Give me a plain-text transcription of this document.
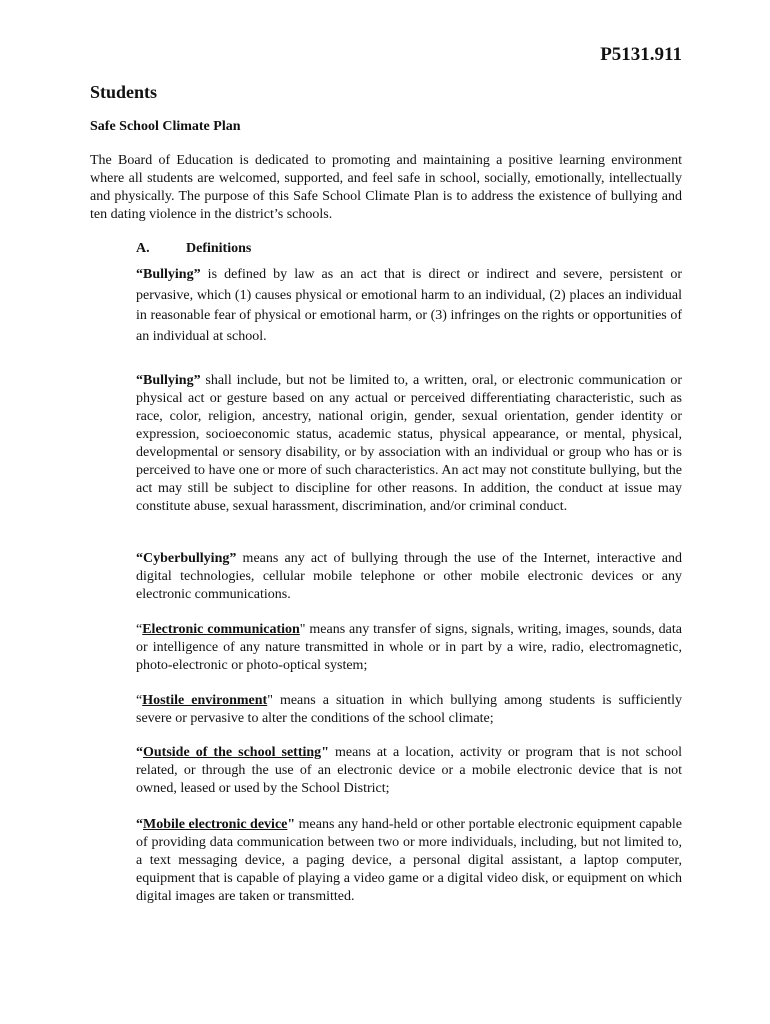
P5131.911
Students
Safe School Climate Plan

The Board of Education is dedicated to promoting and maintaining a positive learning environment where all students are welcomed, supported, and feel safe in school, socially, emotionally, intellectually and physically. The purpose of this Safe School Climate Plan is to address the existence of bullying and ten dating violence in the district’s schools.

A.	Definitions

“Bullying” is defined by law as an act that is direct or indirect and severe, persistent or pervasive, which (1) causes physical or emotional harm to an individual, (2) places an individual in reasonable fear of physical or emotional harm, or (3) infringes on the rights or opportunities of an individual at school.

“Bullying” shall include, but not be limited to, a written, oral, or electronic communication or physical act or gesture based on any actual or perceived differentiating characteristic, such as race, color, religion, ancestry, national origin, gender, sexual orientation, gender identity or expression, socioeconomic status, academic status, physical appearance, or mental, physical, developmental or sensory disability, or by association with an individual or group who has or is perceived to have one or more of such characteristics. An act may not constitute bullying, but the act may still be subject to discipline for other reasons. In addition, the conduct at issue may constitute abuse, sexual harassment, discrimination, and/or criminal conduct.

“Cyberbullying” means any act of bullying through the use of the Internet, interactive and digital technologies, cellular mobile telephone or other mobile electronic devices or any electronic communications.

“Electronic communication" means any transfer of signs, signals, writing, images, sounds, data or intelligence of any nature transmitted in whole or in part by a wire, radio, electromagnetic, photo-electronic or photo-optical system;

“Hostile environment" means a situation in which bullying among students is sufficiently severe or pervasive to alter the conditions of the school climate;

“Outside of the school setting" means at a location, activity or program that is not school related, or through the use of an electronic device or a mobile electronic device that is not owned, leased or used by the School District;

“Mobile electronic device" means any hand-held or other portable electronic equipment capable of providing data communication between two or more individuals, including, but not limited to, a text messaging device, a paging device, a personal digital assistant, a laptop computer, equipment that is capable of playing a video game or a digital video disk, or equipment on which digital images are taken or transmitted.
